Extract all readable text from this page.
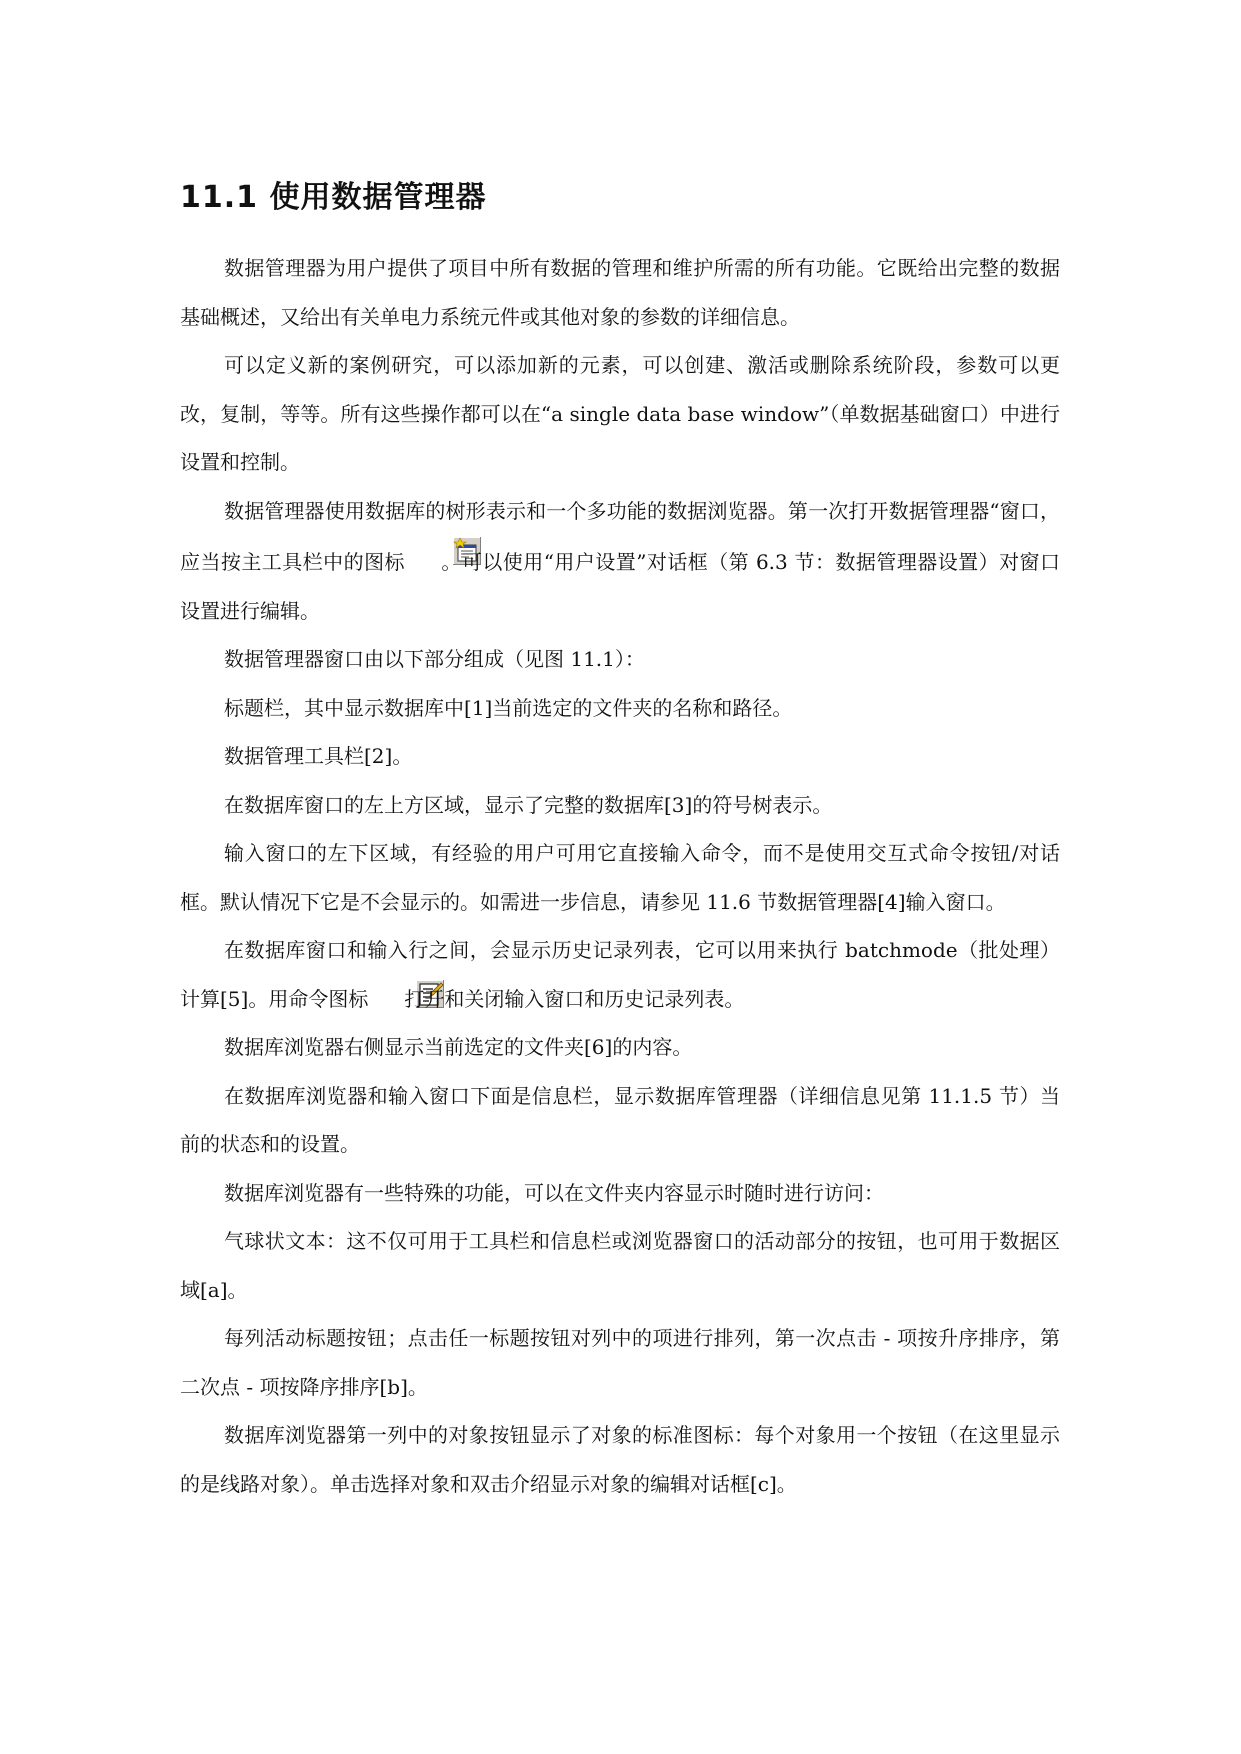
11.1 使用数据管理器

数据管理器为用户提供了项目中所有数据的管理和维护所需的所有功能。它既给出完整的数据基础概述，又给出有关单电力系统元件或其他对象的参数的详细信息。

可以定义新的案例研究，可以添加新的元素，可以创建、激活或删除系统阶段，参数可以更改，复制，等等。所有这些操作都可以在“a single data base window”（单数据基础窗口）中进行设置和控制。

数据管理器使用数据库的树形表示和一个多功能的数据浏览器。第一次打开数据管理器“窗口，应当按主工具栏中的图标 。可以使用“用户设置”对话框（第 6.3 节：数据管理器设置）对窗口设置进行编辑。

数据管理器窗口由以下部分组成（见图 11.1）：

标题栏，其中显示数据库中[1]当前选定的文件夹的名称和路径。

数据管理工具栏[2]。

在数据库窗口的左上方区域，显示了完整的数据库[3]的符号树表示。

输入窗口的左下区域，有经验的用户可用它直接输入命令，而不是使用交互式命令按钮/对话框。默认情况下它是不会显示的。如需进一步信息，请参见 11.6 节数据管理器[4]输入窗口。

在数据库窗口和输入行之间，会显示历史记录列表，它可以用来执行 batchmode（批处理）计算[5]。用命令图标 打开和关闭输入窗口和历史记录列表。

数据库浏览器右侧显示当前选定的文件夹[6]的内容。

在数据库浏览器和输入窗口下面是信息栏，显示数据库管理器（详细信息见第 11.1.5 节）当前的状态和的设置。

数据库浏览器有一些特殊的功能，可以在文件夹内容显示时随时进行访问：

气球状文本：这不仅可用于工具栏和信息栏或浏览器窗口的活动部分的按钮，也可用于数据区域[a]。

每列活动标题按钮；点击任一标题按钮对列中的项进行排列，第一次点击 - 项按升序排序，第二次点 - 项按降序排序[b]。

数据库浏览器第一列中的对象按钮显示了对象的标准图标：每个对象用一个按钮（在这里显示的是线路对象）。单击选择对象和双击介绍显示对象的编辑对话框[c]。
